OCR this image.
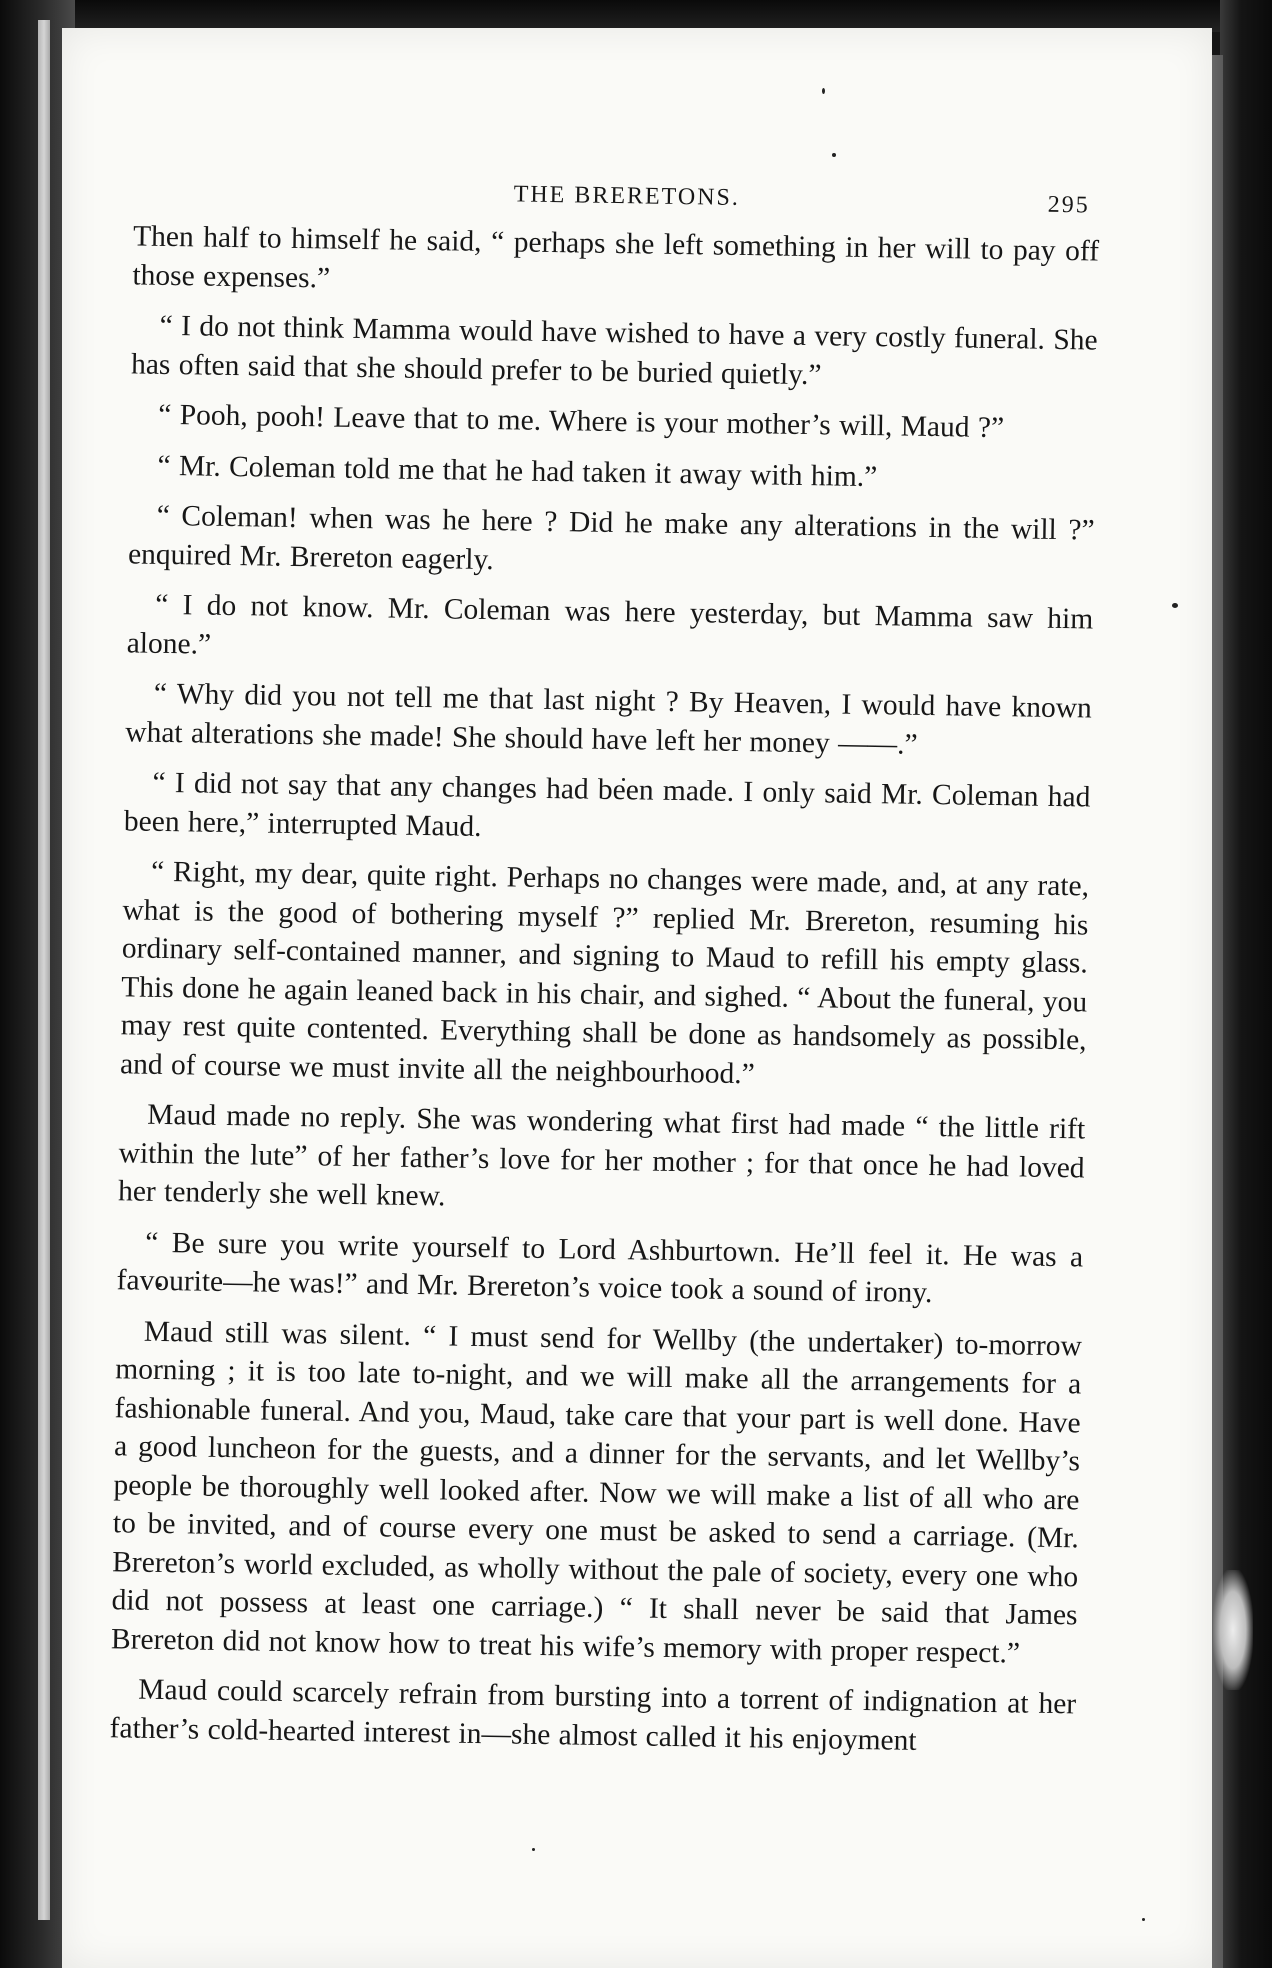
THE BRERETONS.	295

Then half to himself he said, “ perhaps she left something in her will to pay off those expenses.”

“ I do not think Mamma would have wished to have a very costly funeral. She has often said that she should prefer to be buried quietly.”

“ Pooh, pooh! Leave that to me. Where is your mother’s will, Maud ?”

“ Mr. Coleman told me that he had taken it away with him.”

“ Coleman! when was he here ? Did he make any alterations in the will ?” enquired Mr. Brereton eagerly.

“ I do not know. Mr. Coleman was here yesterday, but Mamma saw him alone.”

“ Why did you not tell me that last night ? By Heaven, I would have known what alterations she made! She should have left her money ——.”

“ I did not say that any changes had been made. I only said Mr. Coleman had been here,” interrupted Maud.

“ Right, my dear, quite right. Perhaps no changes were made, and, at any rate, what is the good of bothering myself ?” replied Mr. Brereton, resuming his ordinary self-contained manner, and signing to Maud to refill his empty glass. This done he again leaned back in his chair, and sighed. “ About the funeral, you may rest quite contented. Everything shall be done as handsomely as possible, and of course we must invite all the neighbourhood.”

Maud made no reply. She was wondering what first had made “ the little rift within the lute” of her father’s love for her mother ; for that once he had loved her tenderly she well knew.

“ Be sure you write yourself to Lord Ashburtown. He’ll feel it. He was a favourite—he was!” and Mr. Brereton’s voice took a sound of irony.

Maud still was silent. “ I must send for Wellby (the undertaker) to-morrow morning ; it is too late to-night, and we will make all the arrangements for a fashionable funeral. And you, Maud, take care that your part is well done. Have a good luncheon for the guests, and a dinner for the servants, and let Wellby’s people be thoroughly well looked after. Now we will make a list of all who are to be invited, and of course every one must be asked to send a carriage. (Mr. Brereton’s world excluded, as wholly without the pale of society, every one who did not possess at least one carriage.) “ It shall never be said that James Brereton did not know how to treat his wife’s memory with proper respect.”

Maud could scarcely refrain from bursting into a torrent of indignation at her father’s cold-hearted interest in—she almost called it his enjoyment
